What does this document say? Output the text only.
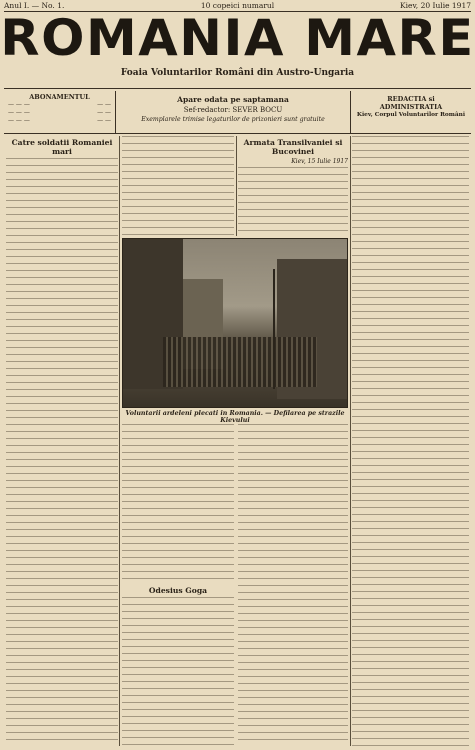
Anul I. — No. 1.	10 copeici numarul	Kiev, 20 Iulie 1917
ROMANIA MARE
Foaia Voluntarilor Români din Austro-Ungaria
ABONAMENTUL
— — —	— —
— — —	— —
— — —	— —
Apare odata pe saptamana
Sef-redactor: SEVER BOCU
Exemplarele trimise legaturilor de prizonieri sunt gratuite
REDACTIA si ADMINISTRATIA
Kiev, Corpul Voluntarilor Români
Catre soldatii Romaniei mari
Armata Transilvaniei si Bucovinei
Kiev, 15 Iulie 1917
Voluntarii ardeleni plecati in Romania. — Defilarea pe strazile Kievului
Odesius Goga
